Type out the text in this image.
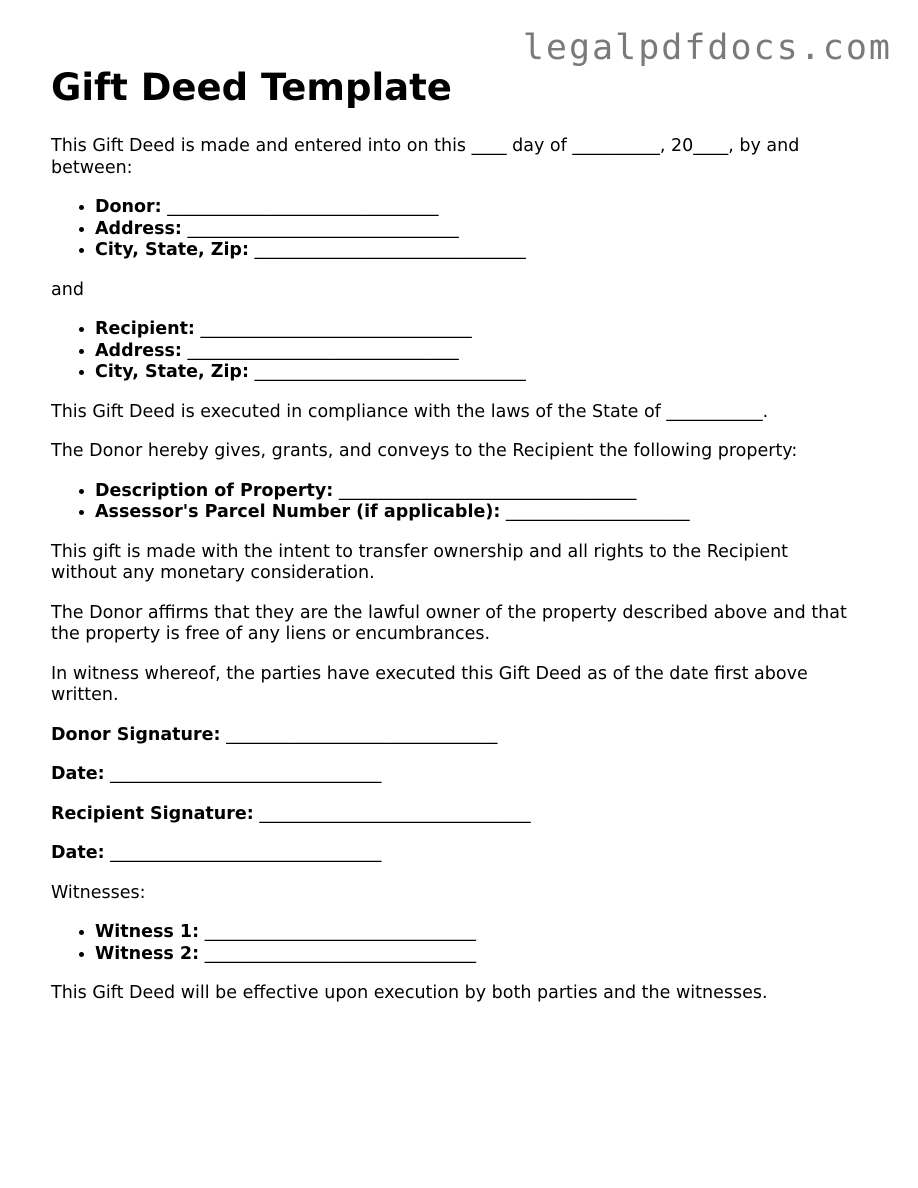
legalpdfdocs.com
Gift Deed Template

This Gift Deed is made and entered into on this ____ day of __________, 20____, by and between:

• Donor: _______________________________
• Address: _______________________________
• City, State, Zip: _______________________________

and

• Recipient: _______________________________
• Address: _______________________________
• City, State, Zip: _______________________________

This Gift Deed is executed in compliance with the laws of the State of ___________.

The Donor hereby gives, grants, and conveys to the Recipient the following property:

• Description of Property: __________________________________
• Assessor's Parcel Number (if applicable): _____________________

This gift is made with the intent to transfer ownership and all rights to the Recipient without any monetary consideration.

The Donor affirms that they are the lawful owner of the property described above and that the property is free of any liens or encumbrances.

In witness whereof, the parties have executed this Gift Deed as of the date first above written.

Donor Signature: _______________________________

Date: _______________________________

Recipient Signature: _______________________________

Date: _______________________________

Witnesses:

• Witness 1: _______________________________
• Witness 2: _______________________________

This Gift Deed will be effective upon execution by both parties and the witnesses.
